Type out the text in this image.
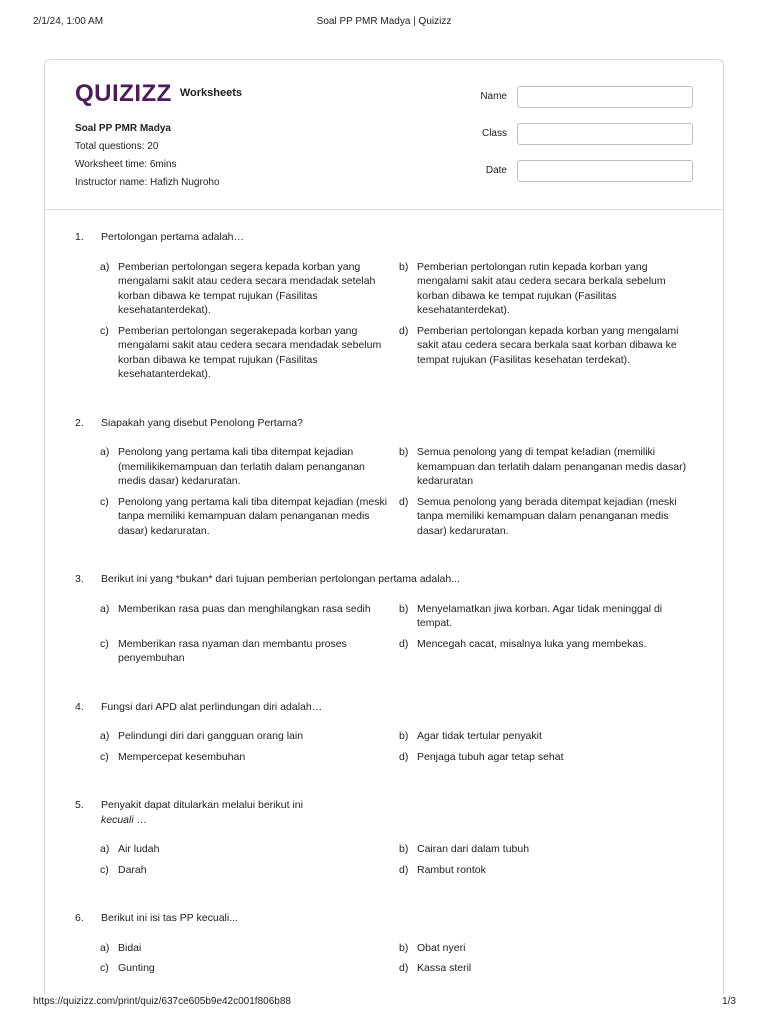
2/1/24, 1:00 AM	Soal PP PMR Madya | Quizizz
QUIZIZZ Worksheets
Soal PP PMR Madya
Total questions: 20
Worksheet time: 6mins
Instructor name: Hafizh Nugroho
Name
Class
Date
1. Pertolongan pertama adalah…
a) Pemberian pertolongan segera kepada korban yang mengalami sakit atau cedera secara mendadak setelah korban dibawa ke tempat rujukan (Fasilitas kesehatanterdekat).
b) Pemberian pertolongan rutin kepada korban yang mengalami sakit atau cedera secara berkala sebelum korban dibawa ke tempat rujukan (Fasilitas kesehatanterdekat).
c) Pemberian pertolongan segerakepada korban yang mengalami sakit atau cedera secara mendadak sebelum korban dibawa ke tempat rujukan (Fasilitas kesehatanterdekat).
d) Pemberian pertolongan kepada korban yang mengalami sakit atau cedera secara berkala saat korban dibawa ke tempat rujukan (Fasilitas kesehatan terdekat).
2. Siapakah yang disebut Penolong Pertama?
a) Penolong yang pertama kali tiba ditempat kejadian (memilikikemampuan dan terlatih dalam penanganan medis dasar) kedaruratan.
b) Semua penolong yang di tempat ke!adian (memiliki kemampuan dan terlatih dalam penanganan medis dasar) kedaruratan
c) Penolong yang pertama kali tiba ditempat kejadian (meski tanpa memiliki kemampuan dalam penanganan medis dasar) kedaruratan.
d) Semua penolong yang berada ditempat kejadian (meski tanpa memiliki kemampuan dalam penanganan medis dasar) kedaruratan.
3. Berikut ini yang *bukan* dari tujuan pemberian pertolongan pertama adalah...
a) Memberikan rasa puas dan menghilangkan rasa sedih	b) Menyelamatkan jiwa korban. Agar tidak meninggal di tempat.
c) Memberikan rasa nyaman dan membantu proses penyembuhan
d) Mencegah cacat, misalnya luka yang membekas.
4. Fungsi dari APD alat perlindungan diri adalah…
a) Pelindungi diri dari gangguan orang lain	b) Agar tidak tertular penyakit
c) Mempercepat kesembuhan	d) Penjaga tubuh agar tetap sehat
5. Penyakit dapat ditularkan melalui berikut ini
kecuali …
a) Air ludah	b) Cairan dari dalam tubuh
c) Darah	d) Rambut rontok
6. Berikut ini isi tas PP kecuali...
a) Bidai	b) Obat nyeri
c) Gunting	d) Kassa steril
https://quizizz.com/print/quiz/637ce605b9e42c001f806b88	1/3
